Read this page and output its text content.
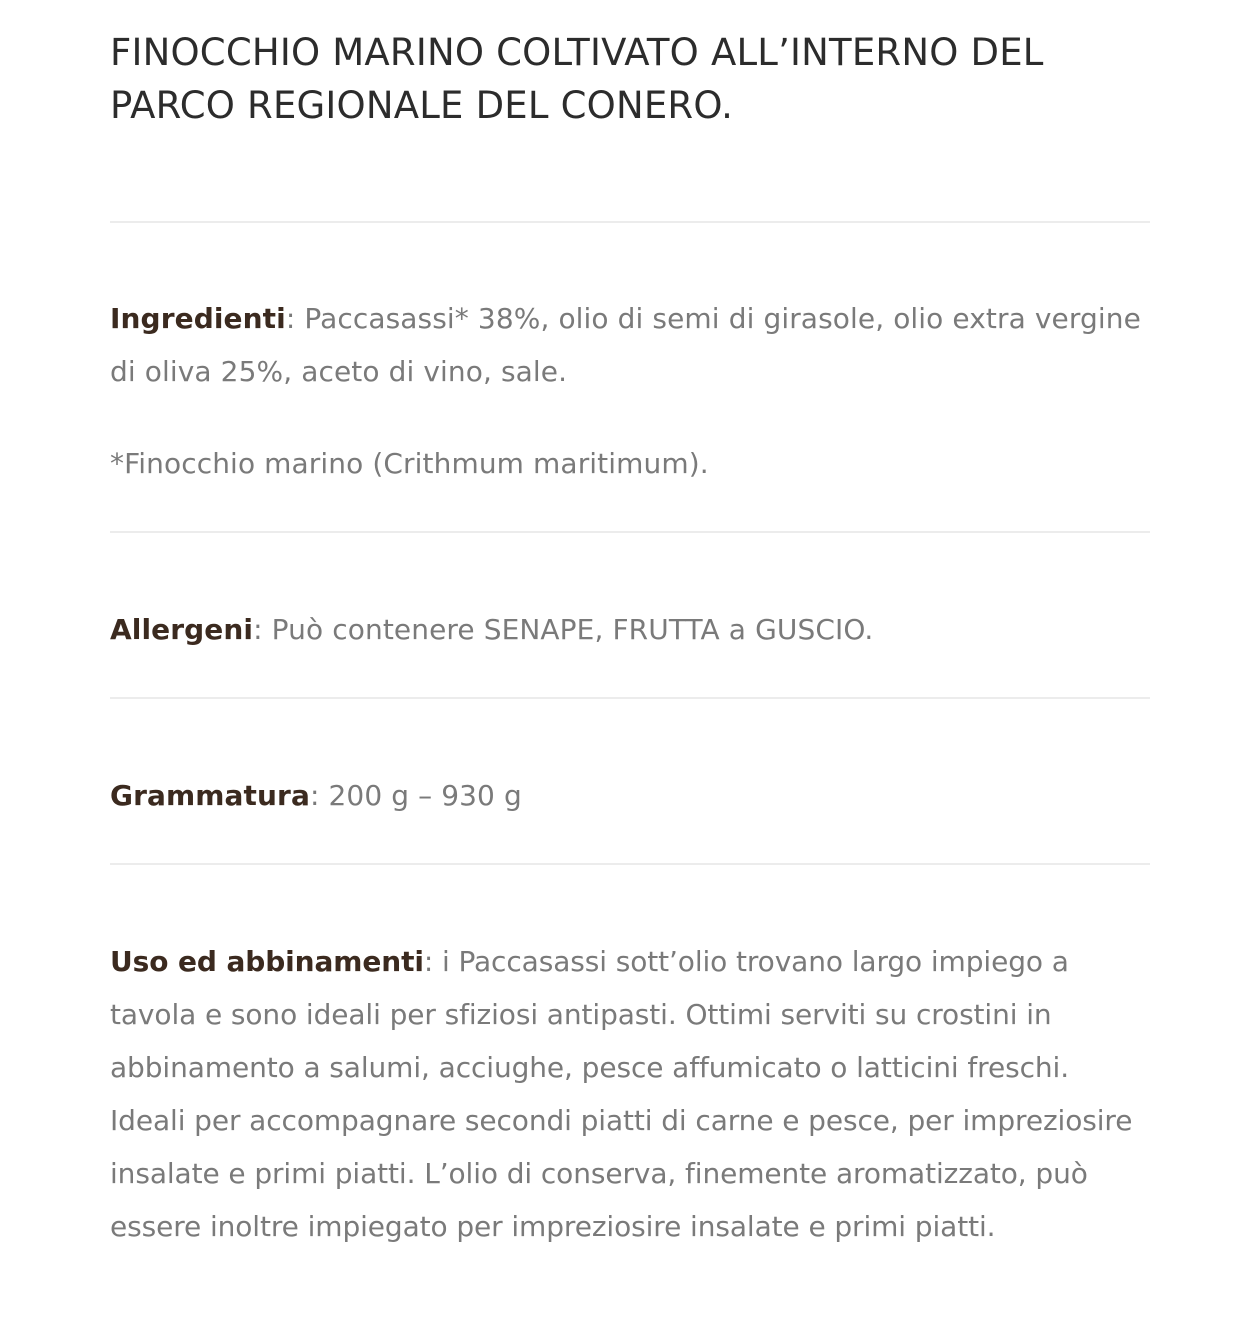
FINOCCHIO MARINO COLTIVATO ALL’INTERNO DEL PARCO REGIONALE DEL CONERO.

Ingredienti: Paccasassi* 38%, olio di semi di girasole, olio extra vergine di oliva 25%, aceto di vino, sale.

*Finocchio marino (Crithmum maritimum).

Allergeni: Può contenere SENAPE, FRUTTA a GUSCIO.

Grammatura: 200 g – 930 g

Uso ed abbinamenti: i Paccasassi sott’olio trovano largo impiego a tavola e sono ideali per sfiziosi antipasti. Ottimi serviti su crostini in abbinamento a salumi, acciughe, pesce affumicato o latticini freschi. Ideali per accompagnare secondi piatti di carne e pesce, per impreziosire insalate e primi piatti. L’olio di conserva, finemente aromatizzato, può essere inoltre impiegato per impreziosire insalate e primi piatti.
